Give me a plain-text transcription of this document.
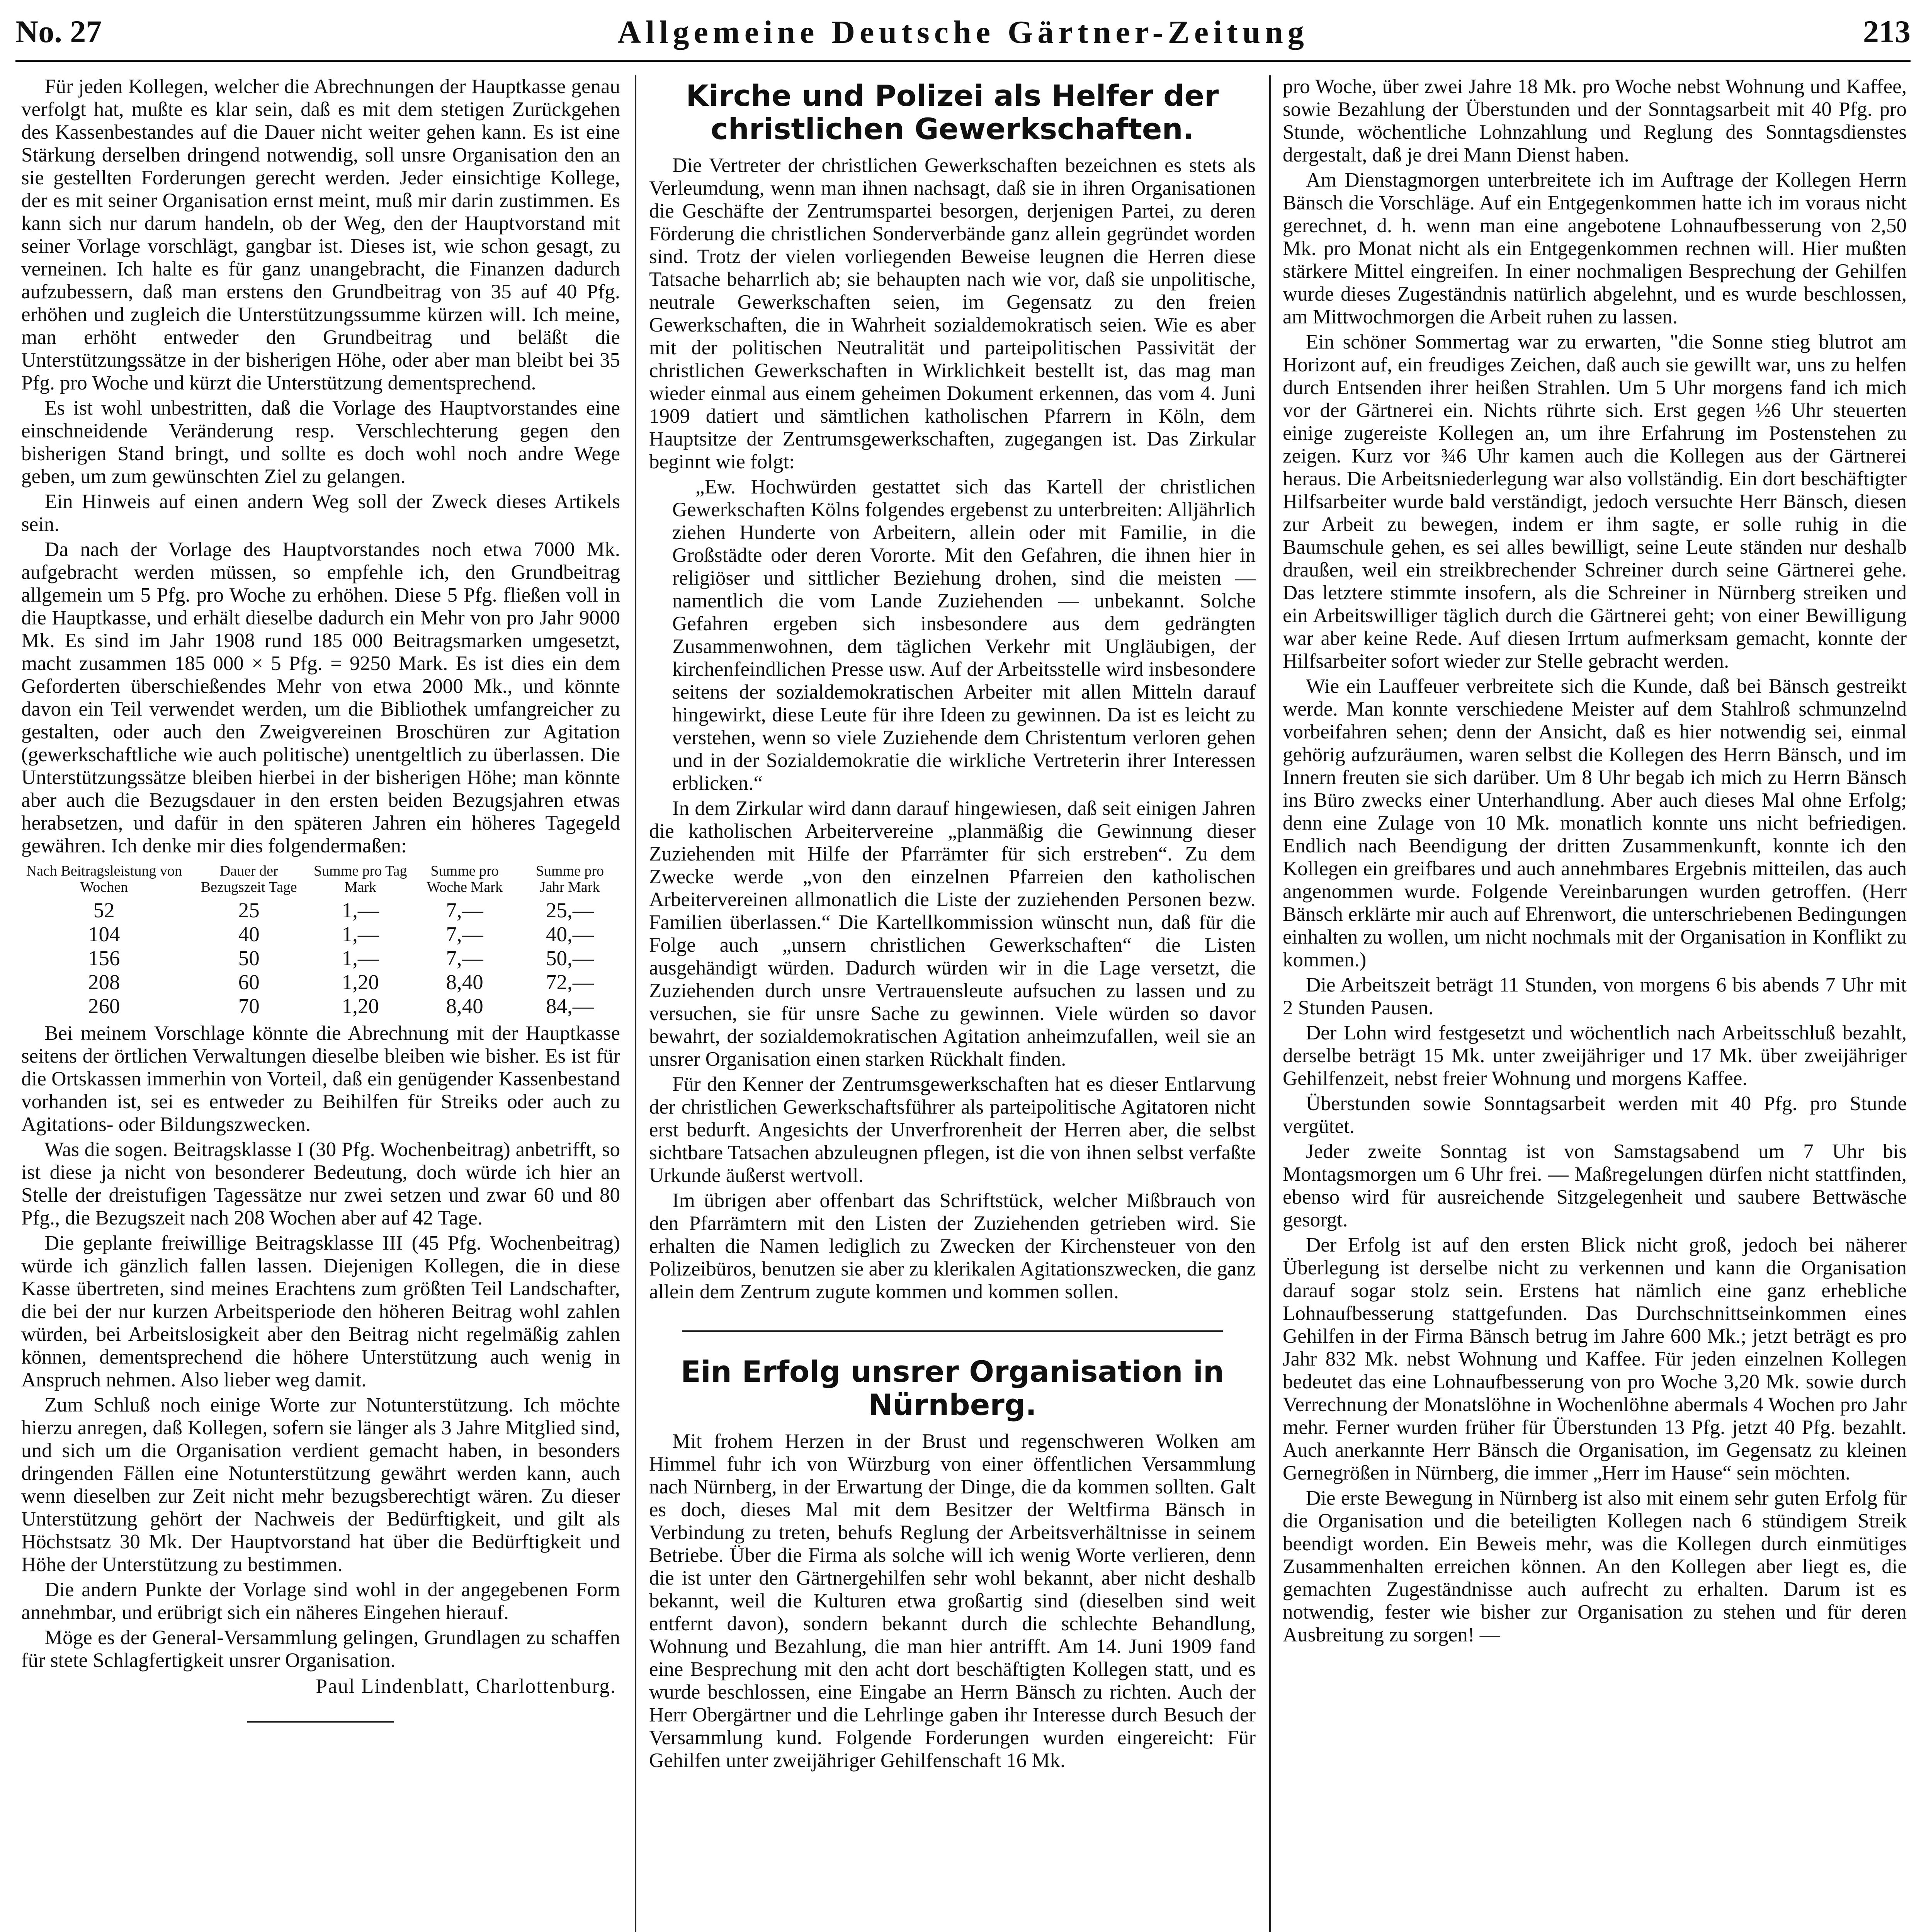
No. 27	Allgemeine Deutsche Gärtner-Zeitung	213

Für jeden Kollegen, welcher die Abrechnungen der Hauptkasse genau verfolgt hat, mußte es klar sein, daß es mit dem stetigen Zurückgehen des Kassenbestandes auf die Dauer nicht weiter gehen kann. Es ist eine Stärkung derselben dringend notwendig, soll unsre Organisation den an sie gestellten Forderungen gerecht werden. Jeder einsichtige Kollege, der es mit seiner Organisation ernst meint, muß mir darin zustimmen. Es kann sich nur darum handeln, ob der Weg, den der Hauptvorstand mit seiner Vorlage vorschlägt, gangbar ist. Dieses ist, wie schon gesagt, zu verneinen. Ich halte es für ganz unangebracht, die Finanzen dadurch aufzubessern, daß man erstens den Grundbeitrag von 35 auf 40 Pfg. erhöhen und zugleich die Unterstützungssumme kürzen will. Ich meine, man erhöht entweder den Grundbeitrag und beläßt die Unterstützungssätze in der bisherigen Höhe, oder aber man bleibt bei 35 Pfg. pro Woche und kürzt die Unterstützung dementsprechend.

Es ist wohl unbestritten, daß die Vorlage des Hauptvorstandes eine einschneidende Veränderung resp. Verschlechterung gegen den bisherigen Stand bringt, und sollte es doch wohl noch andre Wege geben, um zum gewünschten Ziel zu gelangen.

Ein Hinweis auf einen andern Weg soll der Zweck dieses Artikels sein.

Da nach der Vorlage des Hauptvorstandes noch etwa 7000 Mk. aufgebracht werden müssen, so empfehle ich, den Grundbeitrag allgemein um 5 Pfg. pro Woche zu erhöhen. Diese 5 Pfg. fließen voll in die Hauptkasse, und erhält dieselbe dadurch ein Mehr von pro Jahr 9000 Mk. Es sind im Jahr 1908 rund 185 000 Beitragsmarken umgesetzt, macht zusammen 185 000 × 5 Pfg. = 9250 Mark. Es ist dies ein dem Geforderten überschießendes Mehr von etwa 2000 Mk., und könnte davon ein Teil verwendet werden, um die Bibliothek umfangreicher zu gestalten, oder auch den Zweigvereinen Broschüren zur Agitation (gewerkschaftliche wie auch politische) unentgeltlich zu überlassen. Die Unterstützungssätze bleiben hierbei in der bisherigen Höhe; man könnte aber auch die Bezugsdauer in den ersten beiden Bezugsjahren etwas herabsetzen, und dafür in den späteren Jahren ein höheres Tagegeld gewähren. Ich denke mir dies folgendermaßen:

Nach Beitragsleistung von Wochen	Dauer der Bezugszeit Tage	Summe pro Tag Mark	Summe pro Woche Mark	Summe pro Jahr Mark
52	25	1,—	7,—	25,—
104	40	1,—	7,—	40,—
156	50	1,—	7,—	50,—
208	60	1,20	8,40	72,—
260	70	1,20	8,40	84,—

Bei meinem Vorschlage könnte die Abrechnung mit der Hauptkasse seitens der örtlichen Verwaltungen dieselbe bleiben wie bisher. Es ist für die Ortskassen immerhin von Vorteil, daß ein genügender Kassenbestand vorhanden ist, sei es entweder zu Beihilfen für Streiks oder auch zu Agitations- oder Bildungszwecken.

Was die sogen. Beitragsklasse I (30 Pfg. Wochenbeitrag) anbetrifft, so ist diese ja nicht von besonderer Bedeutung, doch würde ich hier an Stelle der dreistufigen Tagessätze nur zwei setzen und zwar 60 und 80 Pfg., die Bezugszeit nach 208 Wochen aber auf 42 Tage.

Die geplante freiwillige Beitragsklasse III (45 Pfg. Wochenbeitrag) würde ich gänzlich fallen lassen. Diejenigen Kollegen, die in diese Kasse übertreten, sind meines Erachtens zum größten Teil Landschafter, die bei der nur kurzen Arbeitsperiode den höheren Beitrag wohl zahlen würden, bei Arbeitslosigkeit aber den Beitrag nicht regelmäßig zahlen können, dementsprechend die höhere Unterstützung auch wenig in Anspruch nehmen. Also lieber weg damit.

Zum Schluß noch einige Worte zur Notunterstützung. Ich möchte hierzu anregen, daß Kollegen, sofern sie länger als 3 Jahre Mitglied sind, und sich um die Organisation verdient gemacht haben, in besonders dringenden Fällen eine Notunterstützung gewährt werden kann, auch wenn dieselben zur Zeit nicht mehr bezugsberechtigt wären. Zu dieser Unterstützung gehört der Nachweis der Bedürftigkeit, und gilt als Höchstsatz 30 Mk. Der Hauptvorstand hat über die Bedürftigkeit und Höhe der Unterstützung zu bestimmen.

Die andern Punkte der Vorlage sind wohl in der angegebenen Form annehmbar, und erübrigt sich ein näheres Eingehen hierauf.

Möge es der General-Versammlung gelingen, Grundlagen zu schaffen für stete Schlagfertigkeit unsrer Organisation.

Paul Lindenblatt, Charlottenburg.
Kirche und Polizei als Helfer der christlichen Gewerkschaften.

Die Vertreter der christlichen Gewerkschaften bezeichnen es stets als Verleumdung, wenn man ihnen nachsagt, daß sie in ihren Organisationen die Geschäfte der Zentrumspartei besorgen, derjenigen Partei, zu deren Förderung die christlichen Sonderverbände ganz allein gegründet worden sind. Trotz der vielen vorliegenden Beweise leugnen die Herren diese Tatsache beharrlich ab; sie behaupten nach wie vor, daß sie unpolitische, neutrale Gewerkschaften seien, im Gegensatz zu den freien Gewerkschaften, die in Wahrheit sozialdemokratisch seien. Wie es aber mit der politischen Neutralität und parteipolitischen Passivität der christlichen Gewerkschaften in Wirklichkeit bestellt ist, das mag man wieder einmal aus einem geheimen Dokument erkennen, das vom 4. Juni 1909 datiert und sämtlichen katholischen Pfarrern in Köln, dem Hauptsitze der Zentrumsgewerkschaften, zugegangen ist. Das Zirkular beginnt wie folgt:

„Ew. Hochwürden gestattet sich das Kartell der christlichen Gewerkschaften Kölns folgendes ergebenst zu unterbreiten: Alljährlich ziehen Hunderte von Arbeitern, allein oder mit Familie, in die Großstädte oder deren Vororte. Mit den Gefahren, die ihnen hier in religiöser und sittlicher Beziehung drohen, sind die meisten — namentlich die vom Lande Zuziehenden — unbekannt. Solche Gefahren ergeben sich insbesondere aus dem gedrängten Zusammenwohnen, dem täglichen Verkehr mit Ungläubigen, der kirchenfeindlichen Presse usw. Auf der Arbeitsstelle wird insbesondere seitens der sozialdemokratischen Arbeiter mit allen Mitteln darauf hingewirkt, diese Leute für ihre Ideen zu gewinnen. Da ist es leicht zu verstehen, wenn so viele Zuziehende dem Christentum verloren gehen und in der Sozialdemokratie die wirkliche Vertreterin ihrer Interessen erblicken.“

In dem Zirkular wird dann darauf hingewiesen, daß seit einigen Jahren die katholischen Arbeitervereine „planmäßig die Gewinnung dieser Zuziehenden mit Hilfe der Pfarrämter für sich erstreben“. Zu dem Zwecke werde „von den einzelnen Pfarreien den katholischen Arbeitervereinen allmonatlich die Liste der zuziehenden Personen bezw. Familien überlassen.“ Die Kartellkommission wünscht nun, daß für die Folge auch „unsern christlichen Gewerkschaften“ die Listen ausgehändigt würden. Dadurch würden wir in die Lage versetzt, die Zuziehenden durch unsre Vertrauensleute aufsuchen zu lassen und zu versuchen, sie für unsre Sache zu gewinnen. Viele würden so davor bewahrt, der sozialdemokratischen Agitation anheimzufallen, weil sie an unsrer Organisation einen starken Rückhalt finden.

Für den Kenner der Zentrumsgewerkschaften hat es dieser Entlarvung der christlichen Gewerkschaftsführer als parteipolitische Agitatoren nicht erst bedurft. Angesichts der Unverfrorenheit der Herren aber, die selbst sichtbare Tatsachen abzuleugnen pflegen, ist die von ihnen selbst verfaßte Urkunde äußerst wertvoll.

Im übrigen aber offenbart das Schriftstück, welcher Mißbrauch von den Pfarrämtern mit den Listen der Zuziehenden getrieben wird. Sie erhalten die Namen lediglich zu Zwecken der Kirchensteuer von den Polizeibüros, benutzen sie aber zu klerikalen Agitationszwecken, die ganz allein dem Zentrum zugute kommen und kommen sollen.

Ein Erfolg unsrer Organisation in Nürnberg.

Mit frohem Herzen in der Brust und regenschweren Wolken am Himmel fuhr ich von Würzburg von einer öffentlichen Versammlung nach Nürnberg, in der Erwartung der Dinge, die da kommen sollten. Galt es doch, dieses Mal mit dem Besitzer der Weltfirma Bänsch in Verbindung zu treten, behufs Reglung der Arbeitsverhältnisse in seinem Betriebe. Über die Firma als solche will ich wenig Worte verlieren, denn die ist unter den Gärtnergehilfen sehr wohl bekannt, aber nicht deshalb bekannt, weil die Kulturen etwa großartig sind (dieselben sind weit entfernt davon), sondern bekannt durch die schlechte Behandlung, Wohnung und Bezahlung, die man hier antrifft. Am 14. Juni 1909 fand eine Besprechung mit den acht dort beschäftigten Kollegen statt, und es wurde beschlossen, eine Eingabe an Herrn Bänsch zu richten. Auch der Herr Obergärtner und die Lehrlinge gaben ihr Interesse durch Besuch der Versammlung kund. Folgende Forderungen wurden eingereicht: Für Gehilfen unter zweijähriger Gehilfenschaft 16 Mk.

pro Woche, über zwei Jahre 18 Mk. pro Woche nebst Wohnung und Kaffee, sowie Bezahlung der Überstunden und der Sonntagsarbeit mit 40 Pfg. pro Stunde, wöchentliche Lohnzahlung und Reglung des Sonntagsdienstes dergestalt, daß je drei Mann Dienst haben.

Am Dienstagmorgen unterbreitete ich im Auftrage der Kollegen Herrn Bänsch die Vorschläge. Auf ein Entgegenkommen hatte ich im voraus nicht gerechnet, d. h. wenn man eine angebotene Lohnaufbesserung von 2,50 Mk. pro Monat nicht als ein Entgegenkommen rechnen will. Hier mußten stärkere Mittel eingreifen. In einer nochmaligen Besprechung der Gehilfen wurde dieses Zugeständnis natürlich abgelehnt, und es wurde beschlossen, am Mittwochmorgen die Arbeit ruhen zu lassen.

Ein schöner Sommertag war zu erwarten, "die Sonne stieg blutrot am Horizont auf, ein freudiges Zeichen, daß auch sie gewillt war, uns zu helfen durch Entsenden ihrer heißen Strahlen. Um 5 Uhr morgens fand ich mich vor der Gärtnerei ein. Nichts rührte sich. Erst gegen ½6 Uhr steuerten einige zugereiste Kollegen an, um ihre Erfahrung im Postenstehen zu zeigen. Kurz vor ¾6 Uhr kamen auch die Kollegen aus der Gärtnerei heraus. Die Arbeitsniederlegung war also vollständig. Ein dort beschäftigter Hilfsarbeiter wurde bald verständigt, jedoch versuchte Herr Bänsch, diesen zur Arbeit zu bewegen, indem er ihm sagte, er solle ruhig in die Baumschule gehen, es sei alles bewilligt, seine Leute ständen nur deshalb draußen, weil ein streikbrechender Schreiner durch seine Gärtnerei gehe. Das letztere stimmte insofern, als die Schreiner in Nürnberg streiken und ein Arbeitswilliger täglich durch die Gärtnerei geht; von einer Bewilligung war aber keine Rede. Auf diesen Irrtum aufmerksam gemacht, konnte der Hilfsarbeiter sofort wieder zur Stelle gebracht werden.

Wie ein Lauffeuer verbreitete sich die Kunde, daß bei Bänsch gestreikt werde. Man konnte verschiedene Meister auf dem Stahlroß schmunzelnd vorbeifahren sehen; denn der Ansicht, daß es hier notwendig sei, einmal gehörig aufzuräumen, waren selbst die Kollegen des Herrn Bänsch, und im Innern freuten sie sich darüber. Um 8 Uhr begab ich mich zu Herrn Bänsch ins Büro zwecks einer Unterhandlung. Aber auch dieses Mal ohne Erfolg; denn eine Zulage von 10 Mk. monatlich konnte uns nicht befriedigen. Endlich nach Beendigung der dritten Zusammenkunft, konnte ich den Kollegen ein greifbares und auch annehmbares Ergebnis mitteilen, das auch angenommen wurde. Folgende Vereinbarungen wurden getroffen. (Herr Bänsch erklärte mir auch auf Ehrenwort, die unterschriebenen Bedingungen einhalten zu wollen, um nicht nochmals mit der Organisation in Konflikt zu kommen.)

Die Arbeitszeit beträgt 11 Stunden, von morgens 6 bis abends 7 Uhr mit 2 Stunden Pausen.

Der Lohn wird festgesetzt und wöchentlich nach Arbeitsschluß bezahlt, derselbe beträgt 15 Mk. unter zweijähriger und 17 Mk. über zweijähriger Gehilfenzeit, nebst freier Wohnung und morgens Kaffee.

Überstunden sowie Sonntagsarbeit werden mit 40 Pfg. pro Stunde vergütet.

Jeder zweite Sonntag ist von Samstagsabend um 7 Uhr bis Montagsmorgen um 6 Uhr frei. — Maßregelungen dürfen nicht stattfinden, ebenso wird für ausreichende Sitzgelegenheit und saubere Bettwäsche gesorgt.

Der Erfolg ist auf den ersten Blick nicht groß, jedoch bei näherer Überlegung ist derselbe nicht zu verkennen und kann die Organisation darauf sogar stolz sein. Erstens hat nämlich eine ganz erhebliche Lohnaufbesserung stattgefunden. Das Durchschnittseinkommen eines Gehilfen in der Firma Bänsch betrug im Jahre 600 Mk.; jetzt beträgt es pro Jahr 832 Mk. nebst Wohnung und Kaffee. Für jeden einzelnen Kollegen bedeutet das eine Lohnaufbesserung von pro Woche 3,20 Mk. sowie durch Verrechnung der Monatslöhne in Wochenlöhne abermals 4 Wochen pro Jahr mehr. Ferner wurden früher für Überstunden 13 Pfg. jetzt 40 Pfg. bezahlt. Auch anerkannte Herr Bänsch die Organisation, im Gegensatz zu kleinen Gernegrößen in Nürnberg, die immer „Herr im Hause“ sein möchten.

Die erste Bewegung in Nürnberg ist also mit einem sehr guten Erfolg für die Organisation und die beteiligten Kollegen nach 6 stündigem Streik beendigt worden. Ein Beweis mehr, was die Kollegen durch einmütiges Zusammenhalten erreichen können. An den Kollegen aber liegt es, die gemachten Zugeständnisse auch aufrecht zu erhalten. Darum ist es notwendig, fester wie bisher zur Organisation zu stehen und für deren Ausbreitung zu sorgen! —
